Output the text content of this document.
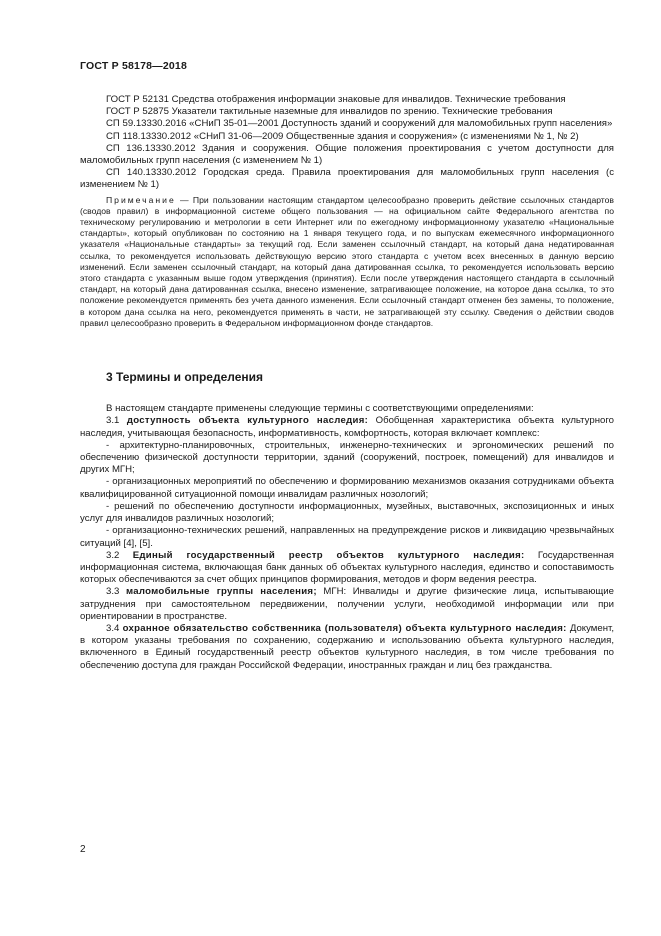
ГОСТ Р 58178—2018

ГОСТ Р 52131 Средства отображения информации знаковые для инвалидов. Технические требования

ГОСТ Р 52875 Указатели тактильные наземные для инвалидов по зрению. Технические требования

СП 59.13330.2016 «СНиП 35-01—2001 Доступность зданий и сооружений для маломобильных групп населения»

СП 118.13330.2012 «СНиП 31-06—2009 Общественные здания и сооружения» (с изменениями № 1, № 2)

СП 136.13330.2012 Здания и сооружения. Общие положения проектирования с учетом доступности для маломобильных групп населения (с изменением № 1)

СП 140.13330.2012 Городская среда. Правила проектирования для маломобильных групп населения (с изменением № 1)

Примечание — При пользовании настоящим стандартом целесообразно проверить действие ссылочных стандартов (сводов правил) в информационной системе общего пользования — на официальном сайте Федерального агентства по техническому регулированию и метрологии в сети Интернет или по ежегодному информационному указателю «Национальные стандарты», который опубликован по состоянию на 1 января текущего года, и по выпускам ежемесячного информационного указателя «Национальные стандарты» за текущий год. Если заменен ссылочный стандарт, на который дана недатированная ссылка, то рекомендуется использовать действующую версию этого стандарта с учетом всех внесенных в данную версию изменений. Если заменен ссылочный стандарт, на который дана датированная ссылка, то рекомендуется использовать версию этого стандарта с указанным выше годом утверждения (принятия). Если после утверждения настоящего стандарта в ссылочный стандарт, на который дана датированная ссылка, внесено изменение, затрагивающее положение, на которое дана ссылка, то это положение рекомендуется применять без учета данного изменения. Если ссылочный стандарт отменен без замены, то положение, в котором дана ссылка на него, рекомендуется применять в части, не затрагивающей эту ссылку. Сведения о действии сводов правил целесообразно проверить в Федеральном информационном фонде стандартов.

3 Термины и определения

В настоящем стандарте применены следующие термины с соответствующими определениями:

3.1 доступность объекта культурного наследия: Обобщенная характеристика объекта культурного наследия, учитывающая безопасность, информативность, комфортность, которая включает комплекс:

- архитектурно-планировочных, строительных, инженерно-технических и эргономических решений по обеспечению физической доступности территории, зданий (сооружений, построек, помещений) для инвалидов и других МГН;

- организационных мероприятий по обеспечению и формированию механизмов оказания сотрудниками объекта квалифицированной ситуационной помощи инвалидам различных нозологий;

- решений по обеспечению доступности информационных, музейных, выставочных, экспозиционных и иных услуг для инвалидов различных нозологий;

- организационно-технических решений, направленных на предупреждение рисков и ликвидацию чрезвычайных ситуаций [4], [5].

3.2 Единый государственный реестр объектов культурного наследия: Государственная информационная система, включающая банк данных об объектах культурного наследия, единство и сопоставимость которых обеспечиваются за счет общих принципов формирования, методов и форм ведения реестра.

3.3 маломобильные группы населения; МГН: Инвалиды и другие физические лица, испытывающие затруднения при самостоятельном передвижении, получении услуги, необходимой информации или при ориентировании в пространстве.

3.4 охранное обязательство собственника (пользователя) объекта культурного наследия: Документ, в котором указаны требования по сохранению, содержанию и использованию объекта культурного наследия, включенного в Единый государственный реестр объектов культурного наследия, в том числе требования по обеспечению доступа для граждан Российской Федерации, иностранных граждан и лиц без гражданства.

2
